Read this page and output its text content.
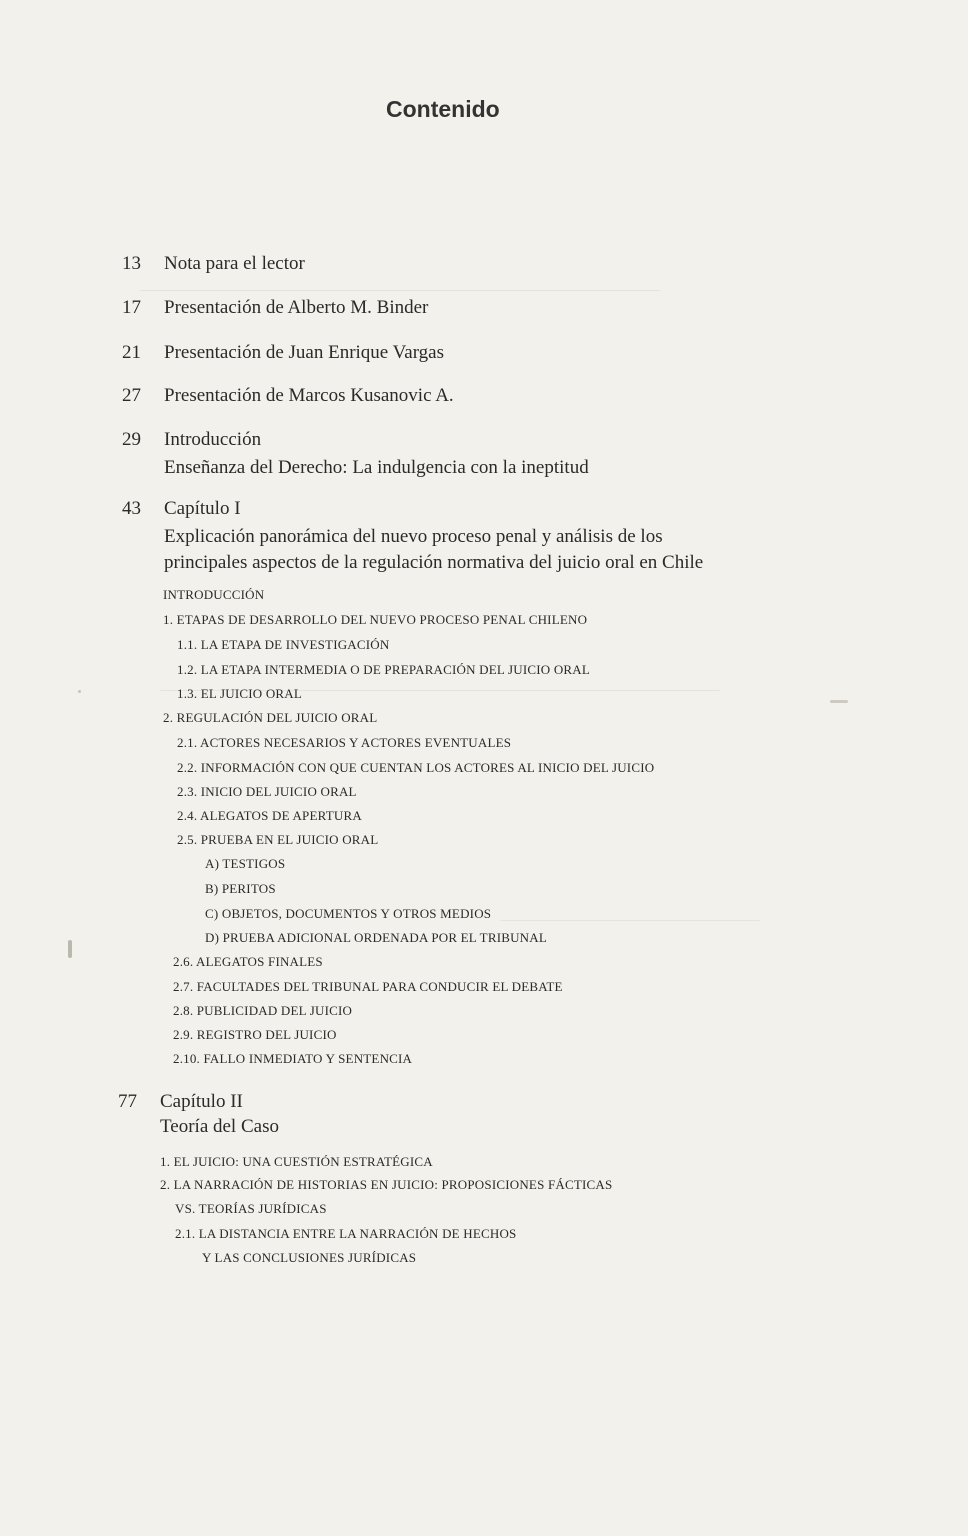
Contenido
13 Nota para el lector
17 Presentación de Alberto M. Binder
21 Presentación de Juan Enrique Vargas
27 Presentación de Marcos Kusanovic A.
29 Introducción
Enseñanza del Derecho: La indulgencia con la ineptitud
43 Capítulo I
Explicación panorámica del nuevo proceso penal y análisis de los
principales aspectos de la regulación normativa del juicio oral en Chile
INTRODUCCIÓN
1. ETAPAS DE DESARROLLO DEL NUEVO PROCESO PENAL CHILENO
1.1. LA ETAPA DE INVESTIGACIÓN
1.2. LA ETAPA INTERMEDIA O DE PREPARACIÓN DEL JUICIO ORAL
1.3. EL JUICIO ORAL
2. REGULACIÓN DEL JUICIO ORAL
2.1. ACTORES NECESARIOS Y ACTORES EVENTUALES
2.2. INFORMACIÓN CON QUE CUENTAN LOS ACTORES AL INICIO DEL JUICIO
2.3. INICIO DEL JUICIO ORAL
2.4. ALEGATOS DE APERTURA
2.5. PRUEBA EN EL JUICIO ORAL
A) TESTIGOS
B) PERITOS
C) OBJETOS, DOCUMENTOS Y OTROS MEDIOS
D) PRUEBA ADICIONAL ORDENADA POR EL TRIBUNAL
2.6. ALEGATOS FINALES
2.7. FACULTADES DEL TRIBUNAL PARA CONDUCIR EL DEBATE
2.8. PUBLICIDAD DEL JUICIO
2.9. REGISTRO DEL JUICIO
2.10. FALLO INMEDIATO Y SENTENCIA
77 Capítulo II
Teoría del Caso
1. EL JUICIO: UNA CUESTIÓN ESTRATÉGICA
2. LA NARRACIÓN DE HISTORIAS EN JUICIO: PROPOSICIONES FÁCTICAS
VS. TEORÍAS JURÍDICAS
2.1. LA DISTANCIA ENTRE LA NARRACIÓN DE HECHOS
Y LAS CONCLUSIONES JURÍDICAS
